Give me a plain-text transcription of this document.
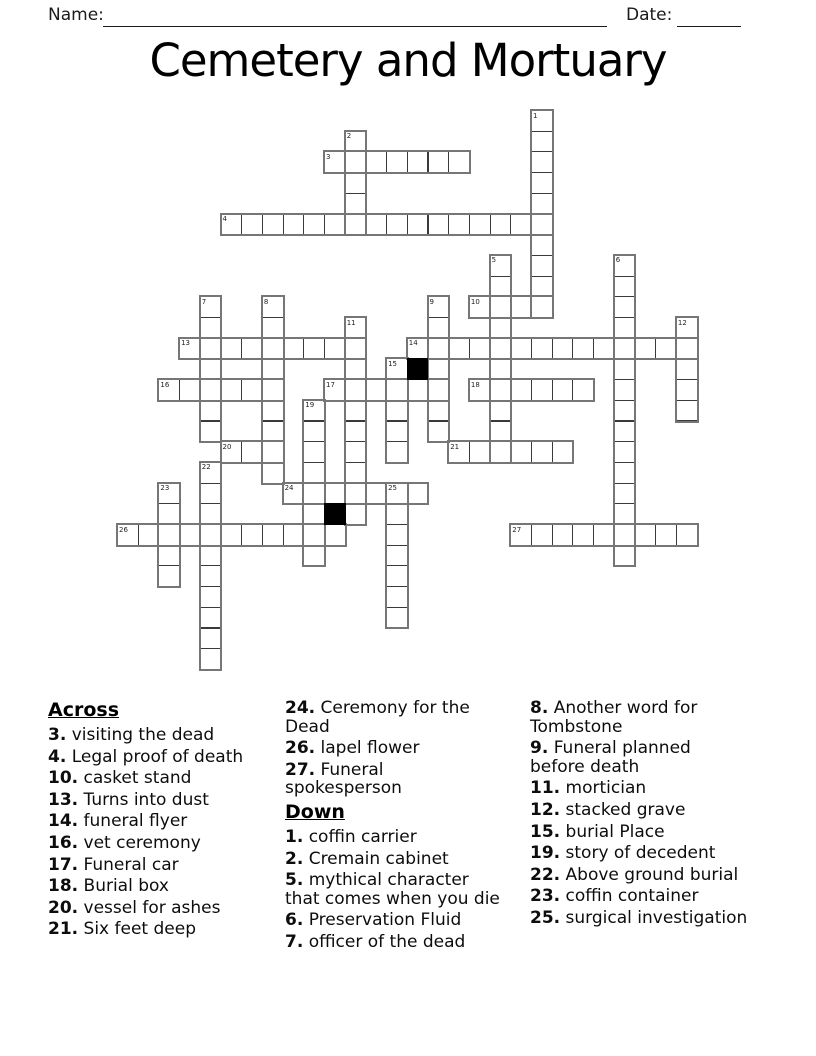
Name:	Date:
Cemetery and Mortuary
1
2
3
4
5	6
7	8	9	10
11	12
13	14
15
16	17	18
19
20	21
22
23	24	25
26	27
Across
3. visiting the dead
4. Legal proof of death
10. casket stand
13. Turns into dust
14. funeral flyer
16. vet ceremony
17. Funeral car
18. Burial box
20. vessel for ashes
21. Six feet deep
24. Ceremony for the
Dead
26. lapel flower
27. Funeral
spokesperson
Down
1. coffin carrier
2. Cremain cabinet
5. mythical character
that comes when you die
6. Preservation Fluid
7. officer of the dead
8. Another word for
Tombstone
9. Funeral planned
before death
11. mortician
12. stacked grave
15. burial Place
19. story of decedent
22. Above ground burial
23. coffin container
25. surgical investigation
